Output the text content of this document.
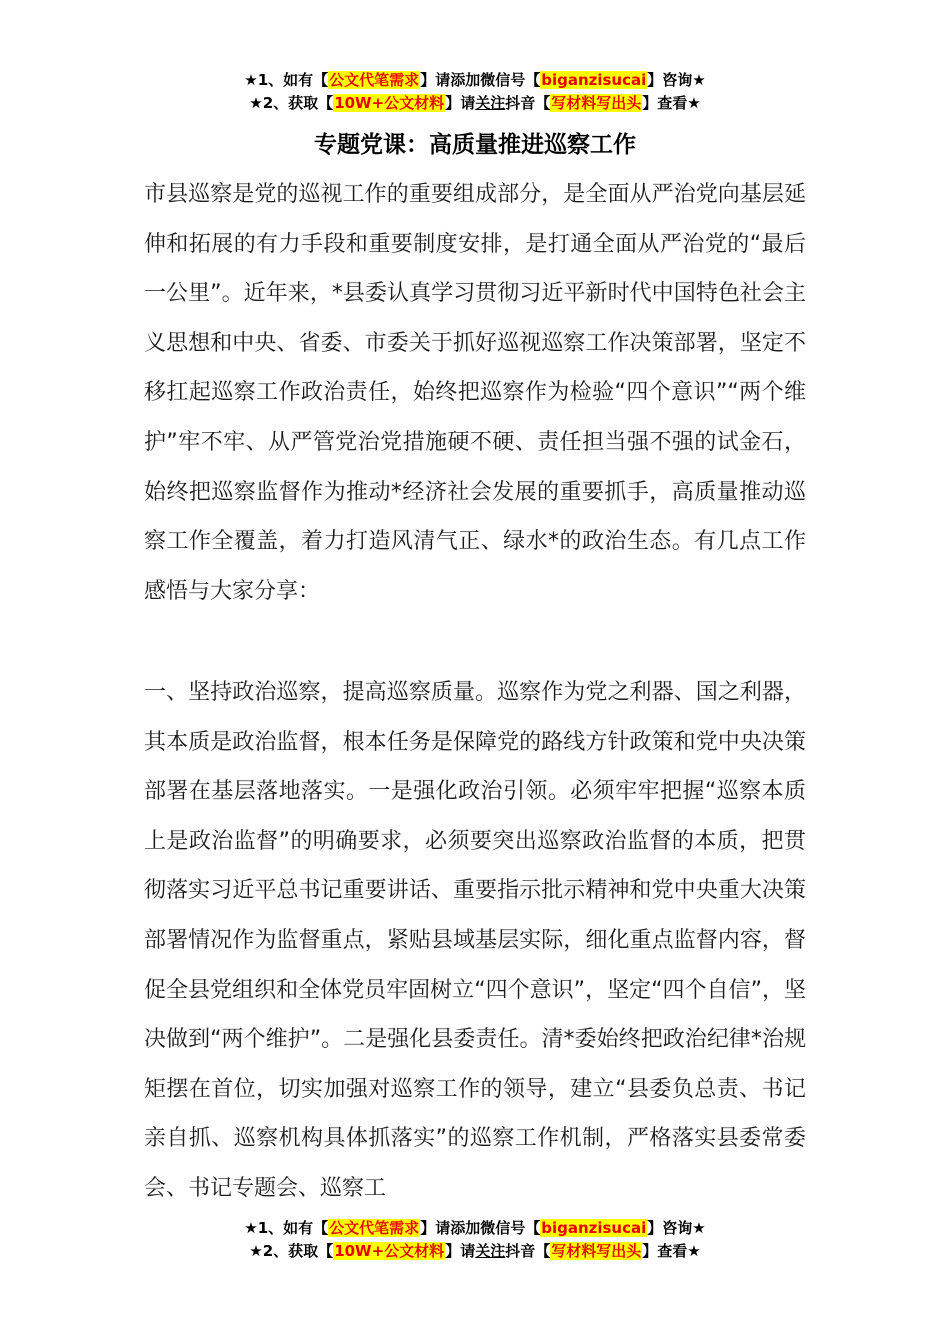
★1、如有【公文代笔需求】请添加微信号【biganzisucai】咨询★
★2、获取【10W+公文材料】请关注抖音【写材料写出头】查看★
专题党课：高质量推进巡察工作

市县巡察是党的巡视工作的重要组成部分，是全面从严治党向基层延伸和拓展的有力手段和重要制度安排，是打通全面从严治党的“最后一公里”。近年来，*县委认真学习贯彻习近平新时代中国特色社会主义思想和中央、省委、市委关于抓好巡视巡察工作决策部署，坚定不移扛起巡察工作政治责任，始终把巡察作为检验“四个意识”“两个维护”牢不牢、从严管党治党措施硬不硬、责任担当强不强的试金石，始终把巡察监督作为推动*经济社会发展的重要抓手，高质量推动巡察工作全覆盖，着力打造风清气正、绿水*的政治生态。有几点工作感悟与大家分享：

一、坚持政治巡察，提高巡察质量。巡察作为党之利器、国之利器，其本质是政治监督，根本任务是保障党的路线方针政策和党中央决策部署在基层落地落实。一是强化政治引领。必须牢牢把握“巡察本质上是政治监督”的明确要求，必须要突出巡察政治监督的本质，把贯彻落实习近平总书记重要讲话、重要指示批示精神和党中央重大决策部署情况作为监督重点，紧贴县域基层实际，细化重点监督内容，督促全县党组织和全体党员牢固树立“四个意识”，坚定“四个自信”，坚决做到“两个维护”。二是强化县委责任。清*委始终把政治纪律*治规矩摆在首位，切实加强对巡察工作的领导，建立“县委负总责、书记亲自抓、巡察机构具体抓落实”的巡察工作机制，严格落实县委常委会、书记专题会、巡察工

★1、如有【公文代笔需求】请添加微信号【biganzisucai】咨询★
★2、获取【10W+公文材料】请关注抖音【写材料写出头】查看★
